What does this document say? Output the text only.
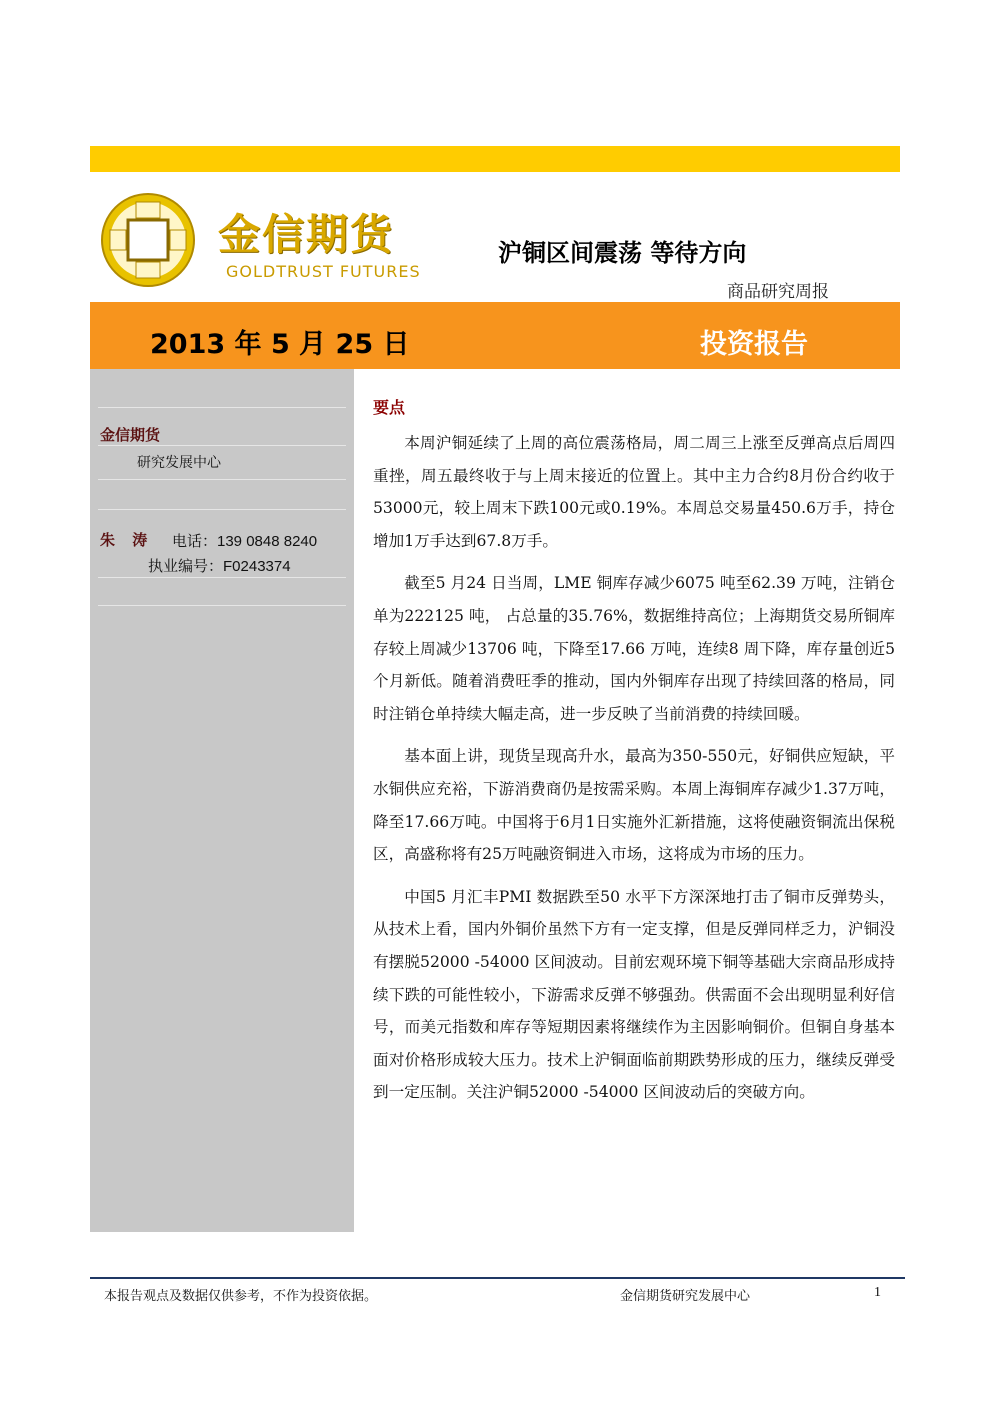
金信期货
GOLDTRUST FUTURES
沪铜区间震荡 等待方向
商品研究周报
2013 年 5 月 25 日	投资报告
金信期货
研究发展中心
朱 涛 电话：139 0848 8240
执业编号：F0243374
要点

本周沪铜延续了上周的高位震荡格局，周二周三上涨至反弹高点后周四重挫，周五最终收于与上周末接近的位置上。其中主力合约8月份合约收于53000元，较上周末下跌100元或0.19%。本周总交易量450.6万手，持仓增加1万手达到67.8万手。

截至5 月24 日当周，LME 铜库存减少6075 吨至62.39 万吨，注销仓单为222125 吨， 占总量的35.76%，数据维持高位；上海期货交易所铜库存较上周减少13706 吨，下降至17.66 万吨，连续8 周下降，库存量创近5 个月新低。随着消费旺季的推动，国内外铜库存出现了持续回落的格局，同时注销仓单持续大幅走高，进一步反映了当前消费的持续回暖。

基本面上讲，现货呈现高升水，最高为350-550元，好铜供应短缺，平水铜供应充裕，下游消费商仍是按需采购。本周上海铜库存减少1.37万吨，降至17.66万吨。中国将于6月1日实施外汇新措施，这将使融资铜流出保税区，高盛称将有25万吨融资铜进入市场，这将成为市场的压力。

中国5 月汇丰PMI 数据跌至50 水平下方深深地打击了铜市反弹势头，从技术上看，国内外铜价虽然下方有一定支撑，但是反弹同样乏力，沪铜没有摆脱52000 -54000 区间波动。目前宏观环境下铜等基础大宗商品形成持续下跌的可能性较小，下游需求反弹不够强劲。供需面不会出现明显利好信号，而美元指数和库存等短期因素将继续作为主因影响铜价。但铜自身基本面对价格形成较大压力。技术上沪铜面临前期跌势形成的压力，继续反弹受到一定压制。关注沪铜52000 -54000 区间波动后的突破方向。

本报告观点及数据仅供参考，不作为投资依据。	金信期货研究发展中心	1
